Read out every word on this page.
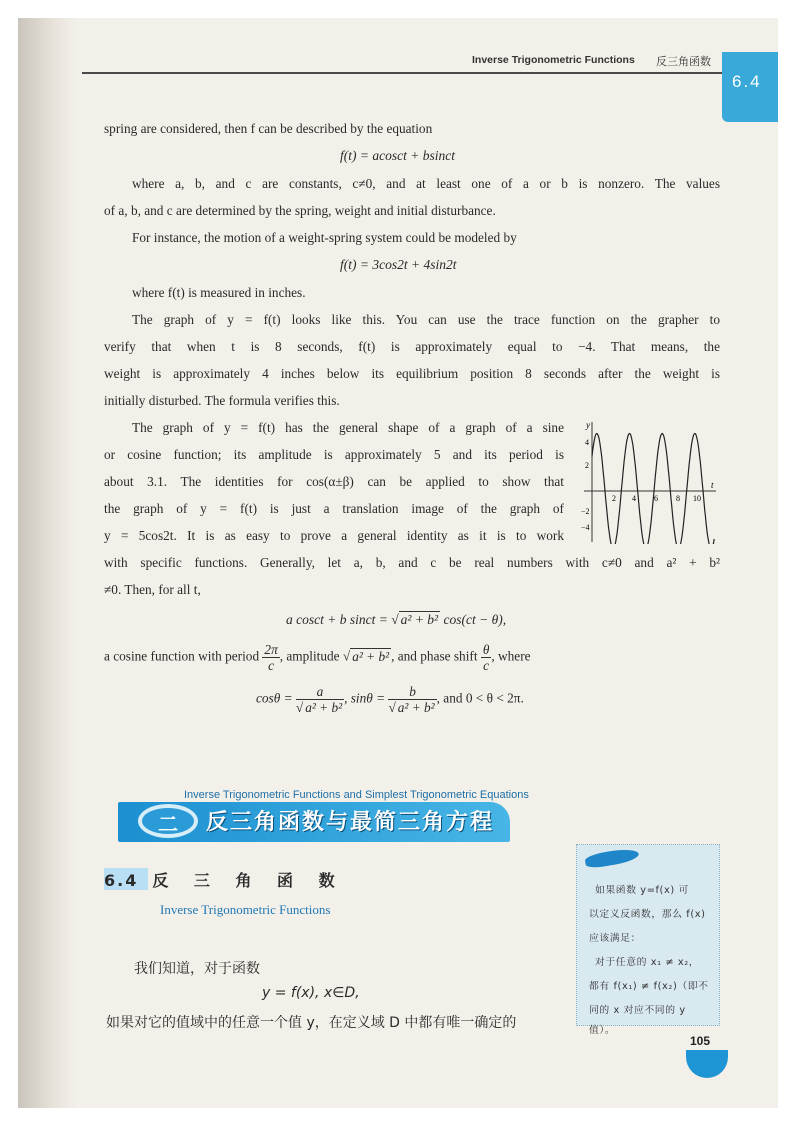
Inverse Trigonometric Functions 反三角函数
6.4

spring are considered, then f can be described by the equation

f(t) = acosct + bsinct

where a, b, and c are constants, c≠0, and at least one of a or b is nonzero. The values

of a, b, and c are determined by the spring, weight and initial disturbance.

For instance, the motion of a weight-spring system could be modeled by

f(t) = 3cos2t + 4sin2t

where f(t) is measured in inches.

The graph of y = f(t) looks like this. You can use the trace function on the grapher to

verify that when t is 8 seconds, f(t) is approximately equal to −4. That means, the

weight is approximately 4 inches below its equilibrium position 8 seconds after the weight is

initially disturbed. The formula verifies this.

The graph of y = f(t) has the general shape of a graph of a sine

or cosine function; its amplitude is approximately 5 and its period is

about 3.1. The identities for cos(α±β) can be applied to show that

the graph of y = f(t) is just a translation image of the graph of

y = 5cos2t. It is as easy to prove a general identity as it is to work

with specific functions. Generally, let a, b, and c be real numbers with c≠0 and a² + b²

≠0. Then, for all t,

a cosct + b sinct = √ a² + b² cos(ct − θ),

a cosine function with period $\frac{2\pi}{c}$ , amplitude √ a² + b² , and phase shift $\frac{\theta}{c}$ , where

$\cos\theta = \frac{a}{\text{√ a² + b²}}$ , $\sin\theta = \frac{b}{\text{√ a² + b²}}$ , and 0 < θ < 2π.

y
t
4
2
−2
−4
2 4 6 8 10
Inverse Trigonometric Functions and Simplest Trigonometric Equations
二 反三角函数与最简三角方程
6.4 反 三 角 函 数
Inverse Trigonometric Functions

我们知道，对于函数

y = f(x), x∈D,

如果对它的值域中的任意一个值 y，在定义域 D 中都有唯一确定的

如果函数 y=f(x) 可

以定义反函数，那么 f(x)

应该满足：

对于任意的 x₁ ≠ x₂，

都有 f(x₁) ≠ f(x₂)（即不

同的 x 对应不同的 y 值）。

105
